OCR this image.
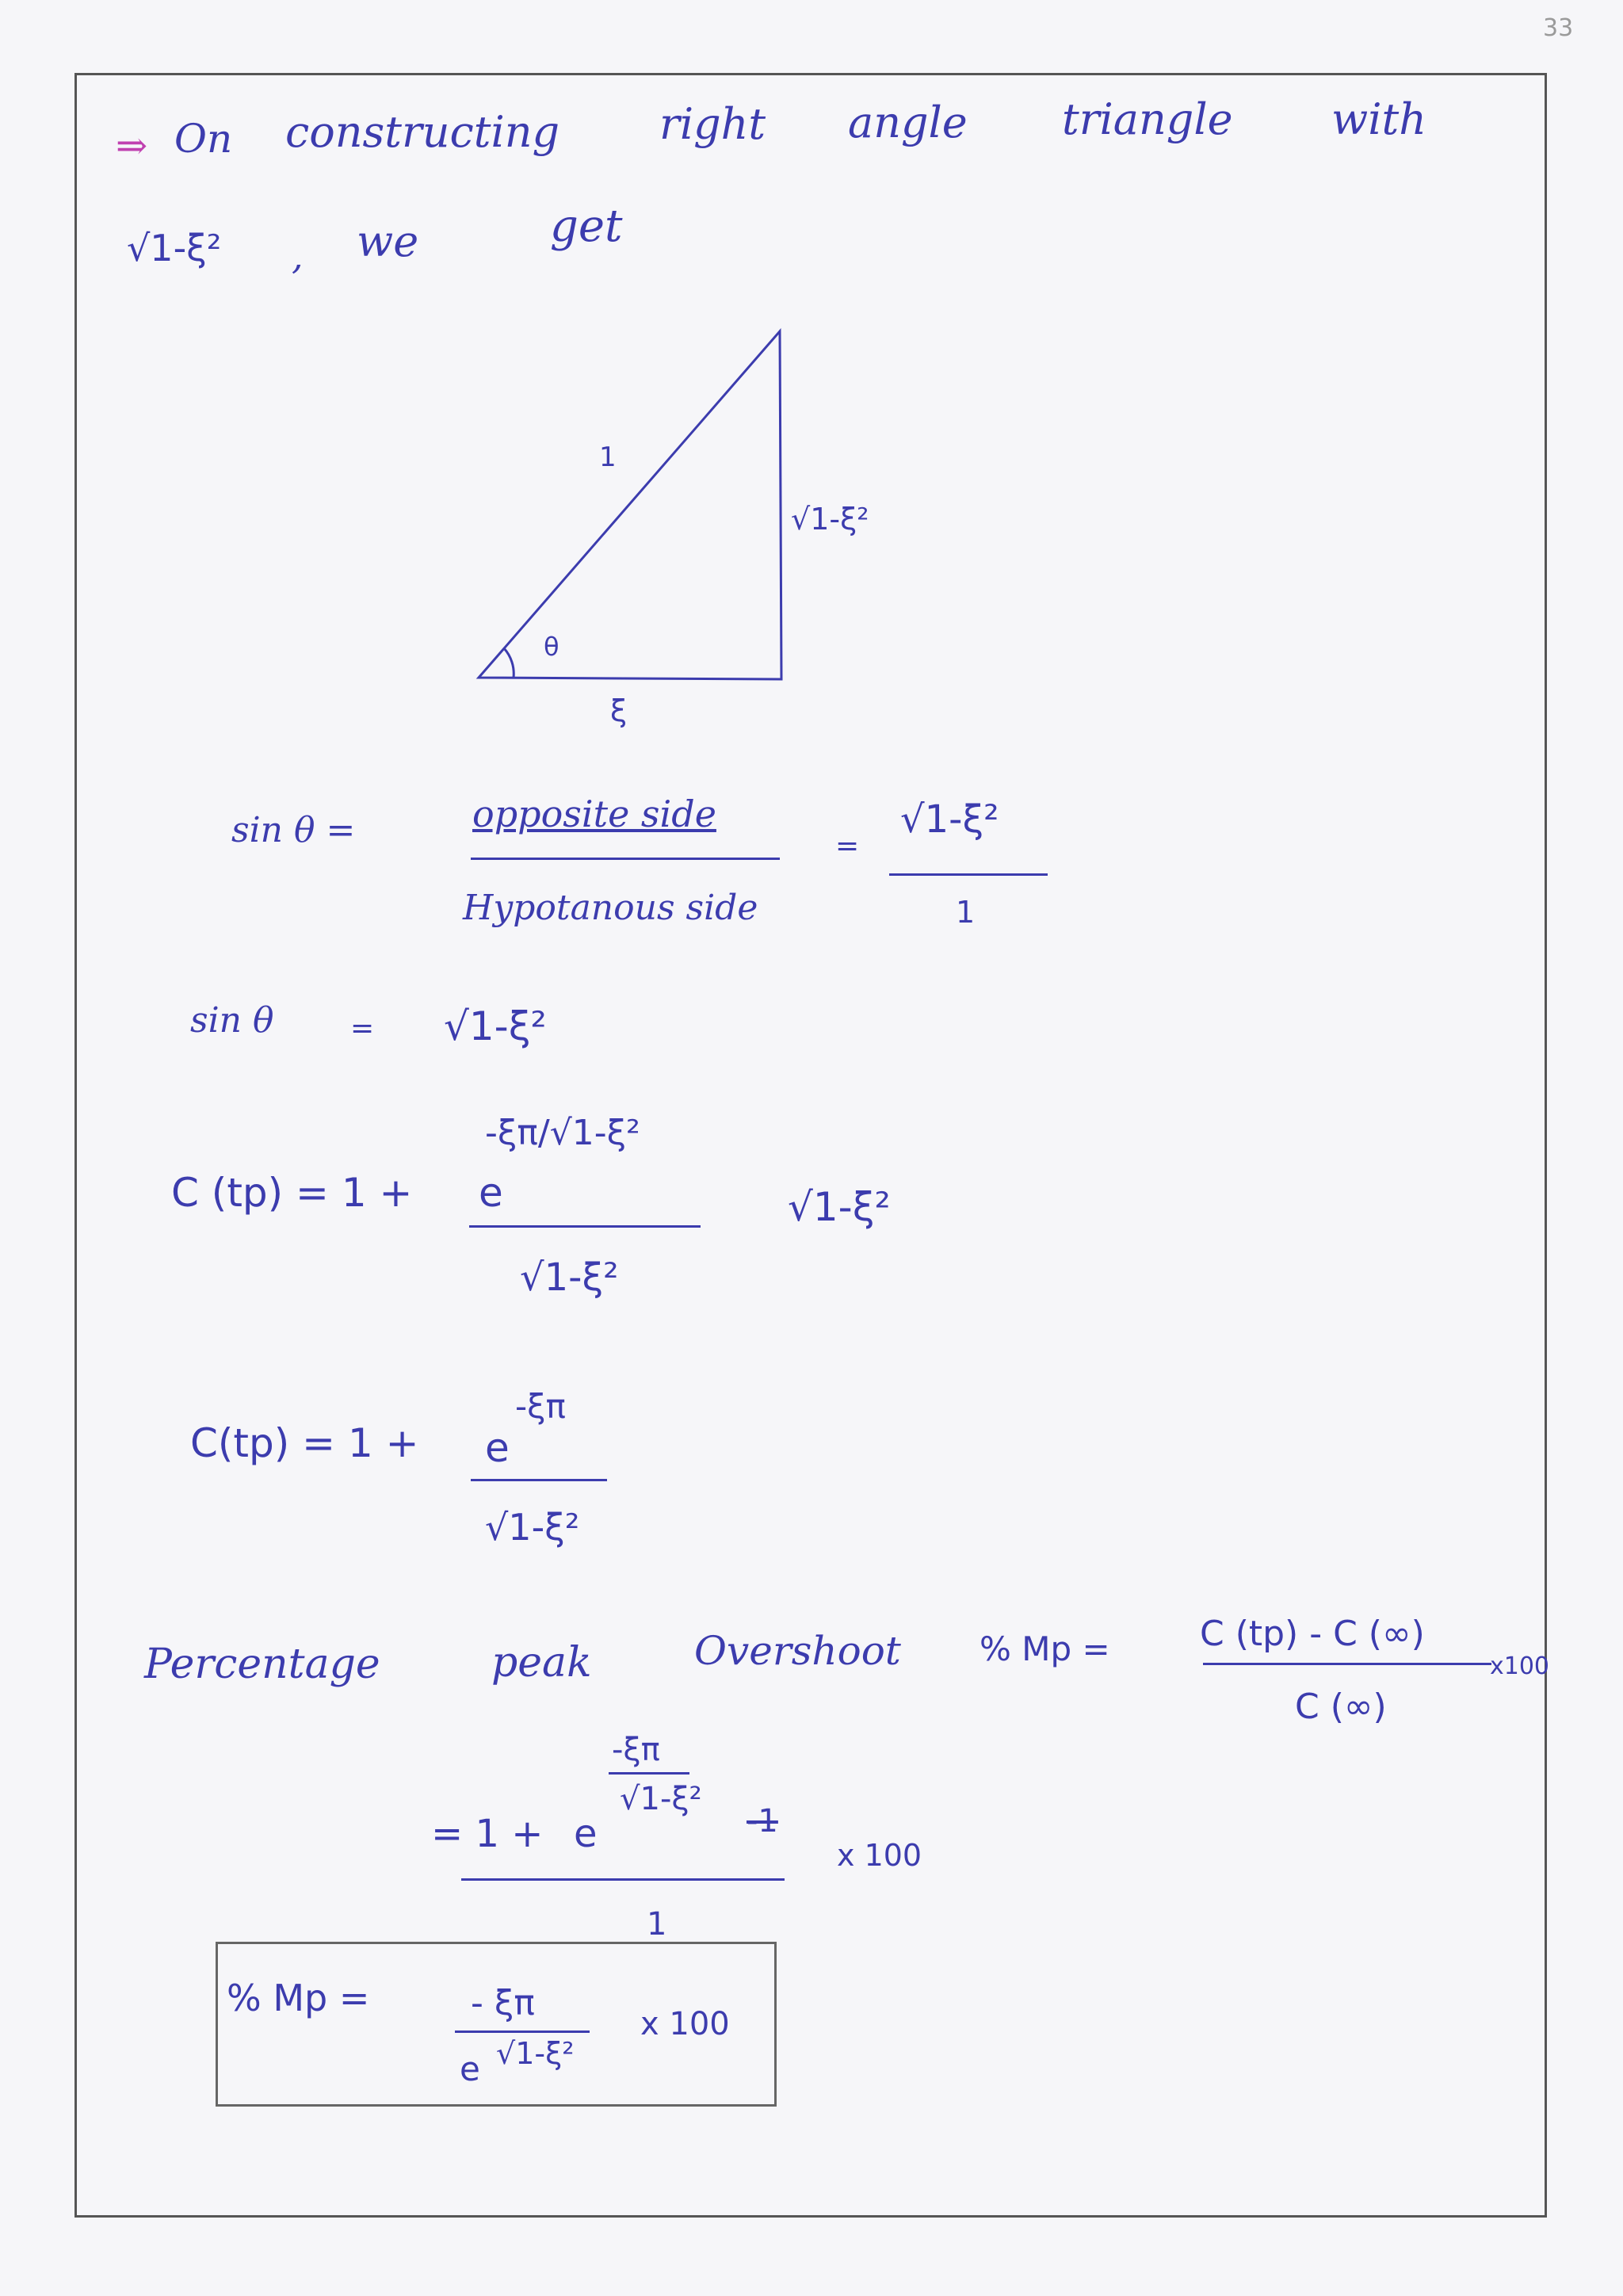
33
⇒ On constructing right angle triangle with
√1-ξ² , we	get
1
√1-ξ²
ξ
θ
sin θ =	opposite side
Hypotanous side
=
√1-ξ²
1
sin θ	= √1-ξ²
C (tp) = 1 + e
-ξπ/√1-ξ²
√1-ξ²
√1-ξ²
C(tp) = 1 + e
-ξπ
√1-ξ²
Percentage	peak	Overshoot % Mp =	C (tp) - C (∞)
C (∞)
x100
= 1 + e
-ξπ
√1-ξ²
-1
1
x 100
% Mp =	- ξπ
e √1-ξ²
x 100
